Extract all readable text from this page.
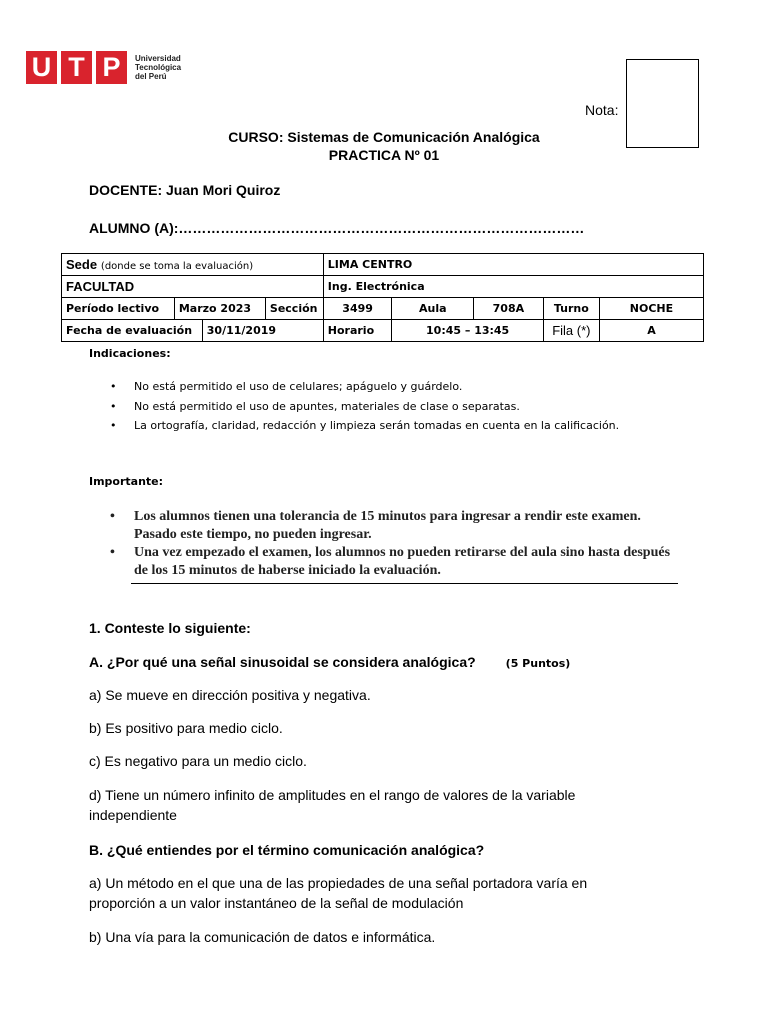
U T P	Universidad
Tecnológica
del Perú
Nota:
CURSO: Sistemas de Comunicación Analógica
PRACTICA Nº 01
DOCENTE: Juan Mori Quiroz
ALUMNO (A):……………………………………………………………………………
Sede (donde se toma la evaluación)				LIMA CENTRO				
FACULTAD				Ing. Electrónica				
Período lectivo	Marzo 2023		Sección	3499	Aula	708A	Turno	NOCHE
Fecha de evaluación		30/11/2019		Horario	10:45 – 13:45		Fila (*)	A
Indicaciones:
• No está permitido el uso de celulares; apáguelo y guárdelo.
• No está permitido el uso de apuntes, materiales de clase o separatas.
• La ortografía, claridad, redacción y limpieza serán tomadas en cuenta en la calificación.
Importante:
• Los alumnos tienen una tolerancia de 15 minutos para ingresar a rendir este examen. Pasado este tiempo, no pueden ingresar.
• Una vez empezado el examen, los alumnos no pueden retirarse del aula sino hasta después de los 15 minutos de haberse iniciado la evaluación.
1. Conteste lo siguiente:
A. ¿Por qué una señal sinusoidal se considera analógica?	(5 Puntos)
a) Se mueve en dirección positiva y negativa.
b) Es positivo para medio ciclo.
c) Es negativo para un medio ciclo.
d) Tiene un número infinito de amplitudes en el rango de valores de la variable independiente
B. ¿Qué entiendes por el término comunicación analógica?
a) Un método en el que una de las propiedades de una señal portadora varía en proporción a un valor instantáneo de la señal de modulación
b) Una vía para la comunicación de datos e informática.
